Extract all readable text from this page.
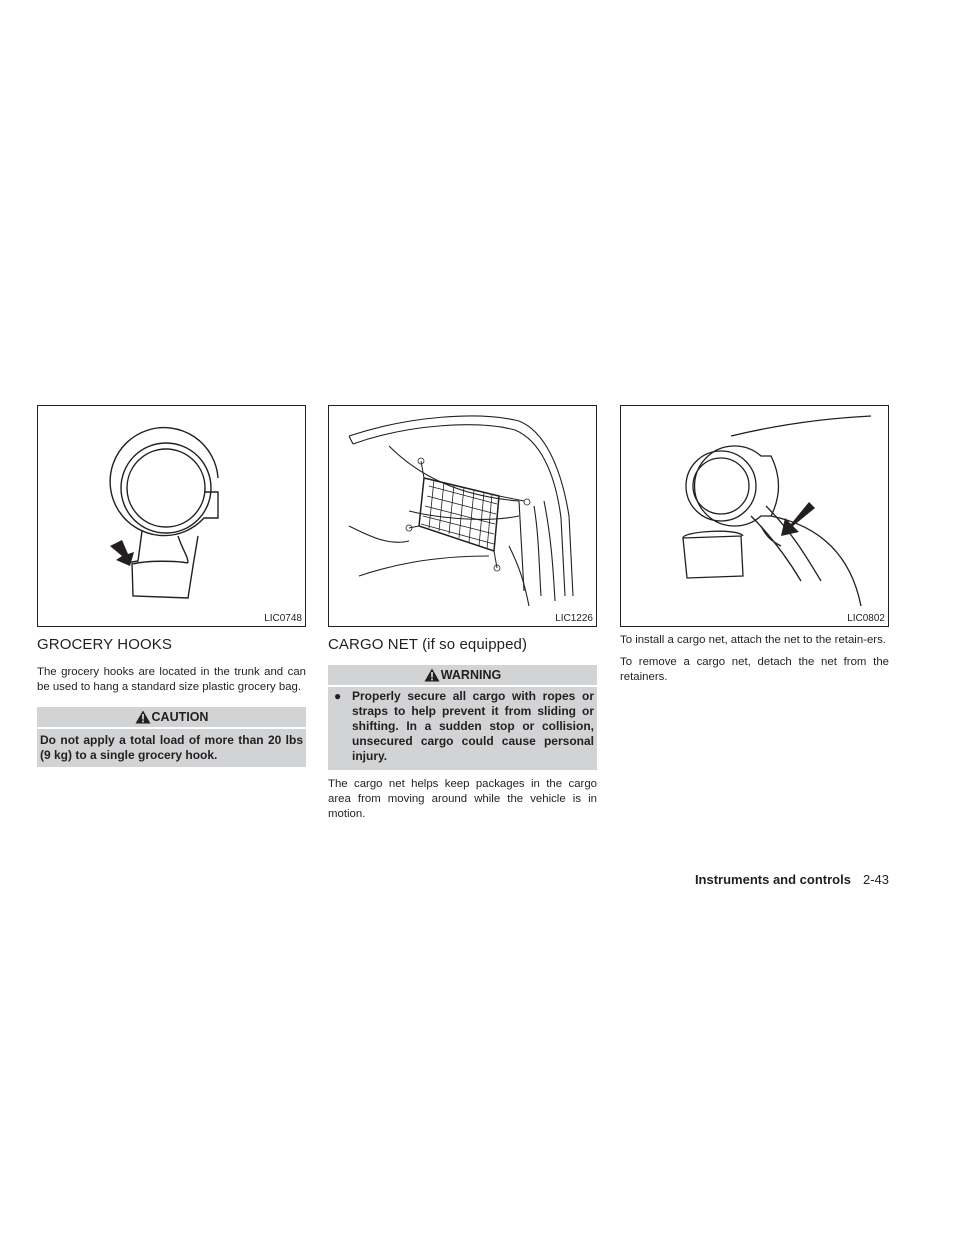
LIC0748
GROCERY HOOKS

The grocery hooks are located in the trunk and can be used to hang a standard size plastic grocery bag.

CAUTION
Do not apply a total load of more than 20 lbs (9 kg) to a single grocery hook.
LIC1226
CARGO NET (if so equipped)
WARNING
● Properly secure all cargo with ropes or straps to help prevent it from sliding or shifting. In a sudden stop or collision, unsecured cargo could cause personal injury.

The cargo net helps keep packages in the cargo area from moving around while the vehicle is in motion.

LIC0802

To install a cargo net, attach the net to the retain-ers.

To remove a cargo net, detach the net from the retainers.

Instruments and controls 2-43
